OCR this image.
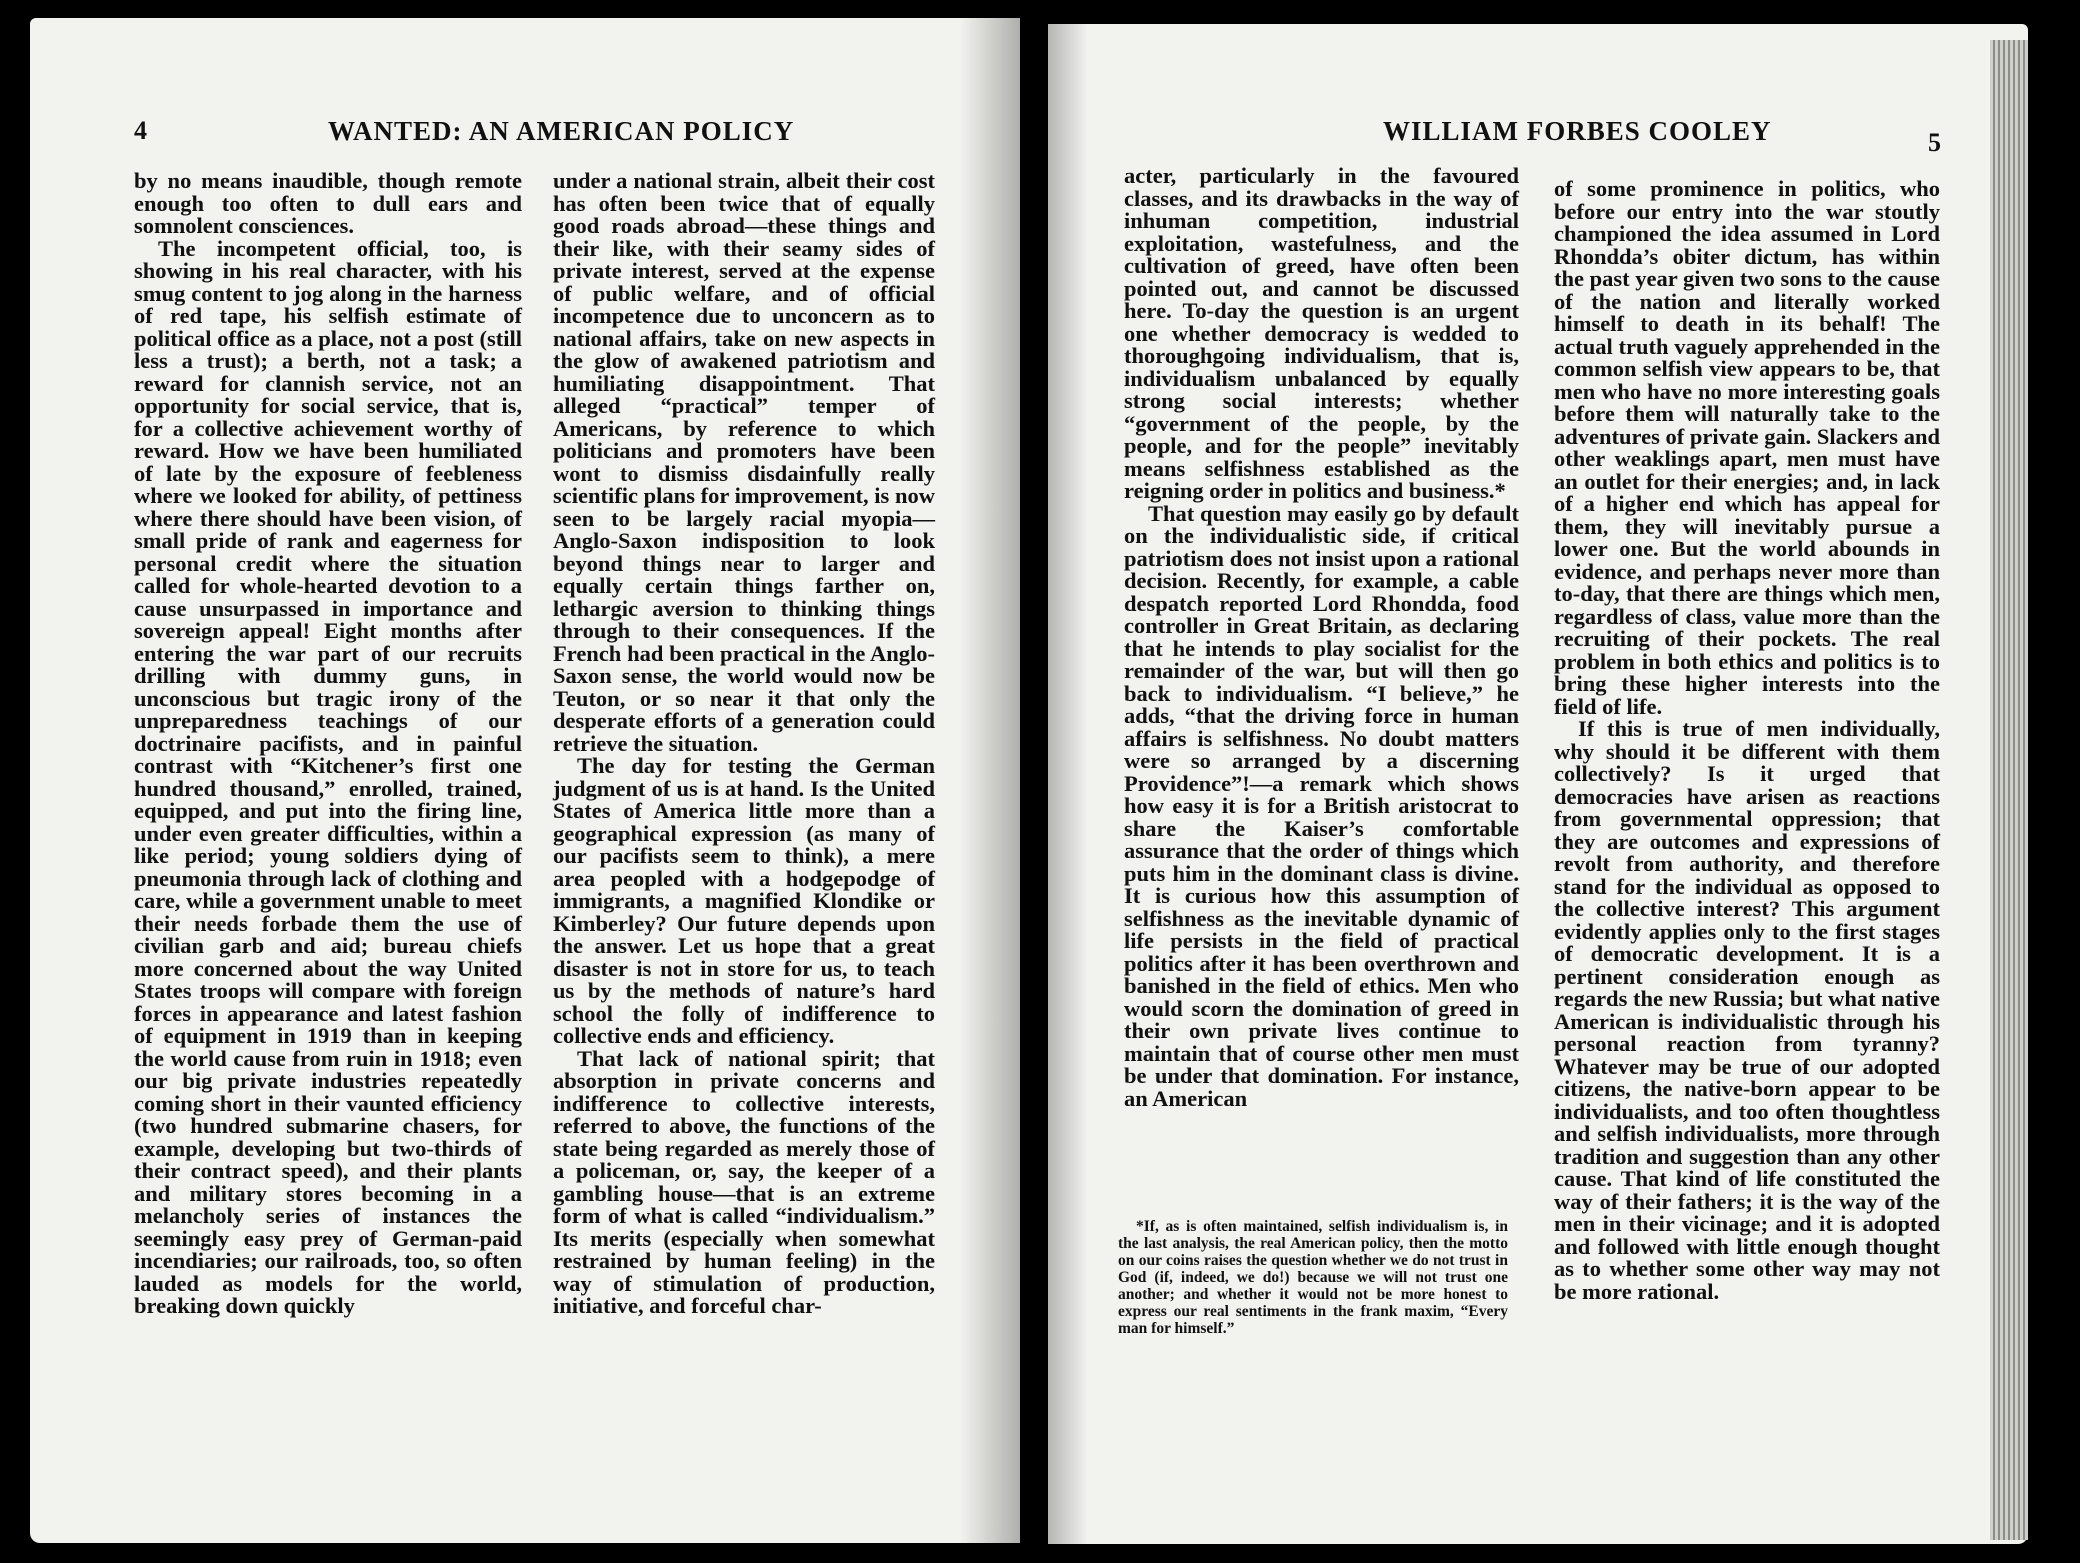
4	WANTED: AN AMERICAN POLICY

by no means inaudible, though remote enough too often to dull ears and somnolent consciences.

The incompetent official, too, is showing in his real character, with his smug content to jog along in the harness of red tape, his selfish estimate of political office as a place, not a post (still less a trust); a berth, not a task; a reward for clannish service, not an opportunity for social service, that is, for a collective achievement worthy of reward. How we have been humiliated of late by the exposure of feebleness where we looked for ability, of pettiness where there should have been vision, of small pride of rank and eagerness for personal credit where the situation called for whole-hearted devotion to a cause unsurpassed in importance and sovereign appeal! Eight months after entering the war part of our recruits drilling with dummy guns, in unconscious but tragic irony of the unpreparedness teachings of our doctrinaire pacifists, and in painful contrast with “Kitchener’s first one hundred thousand,” enrolled, trained, equipped, and put into the firing line, under even greater difficulties, within a like period; young soldiers dying of pneumonia through lack of clothing and care, while a government unable to meet their needs forbade them the use of civilian garb and aid; bureau chiefs more concerned about the way United States troops will compare with foreign forces in appearance and latest fashion of equipment in 1919 than in keeping the world cause from ruin in 1918; even our big private industries repeatedly coming short in their vaunted efficiency (two hundred submarine chasers, for example, developing but two-thirds of their contract speed), and their plants and military stores becoming in a melancholy series of instances the seemingly easy prey of German-paid incendiaries; our railroads, too, so often lauded as models for the world, breaking down quickly

under a national strain, albeit their cost has often been twice that of equally good roads abroad—these things and their like, with their seamy sides of private interest, served at the expense of public welfare, and of official incompetence due to unconcern as to national affairs, take on new aspects in the glow of awakened patriotism and humiliating disappointment. That alleged “practical” temper of Americans, by reference to which politicians and promoters have been wont to dismiss disdainfully really scientific plans for improvement, is now seen to be largely racial myopia—Anglo-Saxon indisposition to look beyond things near to larger and equally certain things farther on, lethargic aversion to thinking things through to their consequences. If the French had been practical in the Anglo-Saxon sense, the world would now be Teuton, or so near it that only the desperate efforts of a generation could retrieve the situation.

The day for testing the German judgment of us is at hand. Is the United States of America little more than a geographical expression (as many of our pacifists seem to think), a mere area peopled with a hodgepodge of immigrants, a magnified Klondike or Kimberley? Our future depends upon the answer. Let us hope that a great disaster is not in store for us, to teach us by the methods of nature’s hard school the folly of indifference to collective ends and efficiency.

That lack of national spirit; that absorption in private concerns and indifference to collective interests, referred to above, the functions of the state being regarded as merely those of a policeman, or, say, the keeper of a gambling house—that is an extreme form of what is called “individualism.” Its merits (especially when somewhat restrained by human feeling) in the way of stimulation of production, initiative, and forceful char-

WILLIAM FORBES COOLEY	5

acter, particularly in the favoured classes, and its drawbacks in the way of inhuman competition, industrial exploitation, wastefulness, and the cultivation of greed, have often been pointed out, and cannot be discussed here. To-day the question is an urgent one whether democracy is wedded to thoroughgoing individualism, that is, individualism unbalanced by equally strong social interests; whether “government of the people, by the people, and for the people” inevitably means selfishness established as the reigning order in politics and business.*

That question may easily go by default on the individualistic side, if critical patriotism does not insist upon a rational decision. Recently, for example, a cable despatch reported Lord Rhondda, food controller in Great Britain, as declaring that he intends to play socialist for the remainder of the war, but will then go back to individualism. “I believe,” he adds, “that the driving force in human affairs is selfishness. No doubt matters were so arranged by a discerning Providence”!—a remark which shows how easy it is for a British aristocrat to share the Kaiser’s comfortable assurance that the order of things which puts him in the dominant class is divine. It is curious how this assumption of selfishness as the inevitable dynamic of life persists in the field of practical politics after it has been overthrown and banished in the field of ethics. Men who would scorn the domination of greed in their own private lives continue to maintain that of course other men must be under that domination. For instance, an American

*If, as is often maintained, selfish individualism is, in the last analysis, the real American policy, then the motto on our coins raises the question whether we do not trust in God (if, indeed, we do!) because we will not trust one another; and whether it would not be more honest to express our real sentiments in the frank maxim, “Every man for himself.”

of some prominence in politics, who before our entry into the war stoutly championed the idea assumed in Lord Rhondda’s obiter dictum, has within the past year given two sons to the cause of the nation and literally worked himself to death in its behalf! The actual truth vaguely apprehended in the common selfish view appears to be, that men who have no more interesting goals before them will naturally take to the adventures of private gain. Slackers and other weaklings apart, men must have an outlet for their energies; and, in lack of a higher end which has appeal for them, they will inevitably pursue a lower one. But the world abounds in evidence, and perhaps never more than to-day, that there are things which men, regardless of class, value more than the recruiting of their pockets. The real problem in both ethics and politics is to bring these higher interests into the field of life.

If this is true of men individually, why should it be different with them collectively? Is it urged that democracies have arisen as reactions from governmental oppression; that they are outcomes and expressions of revolt from authority, and therefore stand for the individual as opposed to the collective interest? This argument evidently applies only to the first stages of democratic development. It is a pertinent consideration enough as regards the new Russia; but what native American is individualistic through his personal reaction from tyranny? Whatever may be true of our adopted citizens, the native-born appear to be individualists, and too often thoughtless and selfish individualists, more through tradition and suggestion than any other cause. That kind of life constituted the way of their fathers; it is the way of the men in their vicinage; and it is adopted and followed with little enough thought as to whether some other way may not be more rational.
